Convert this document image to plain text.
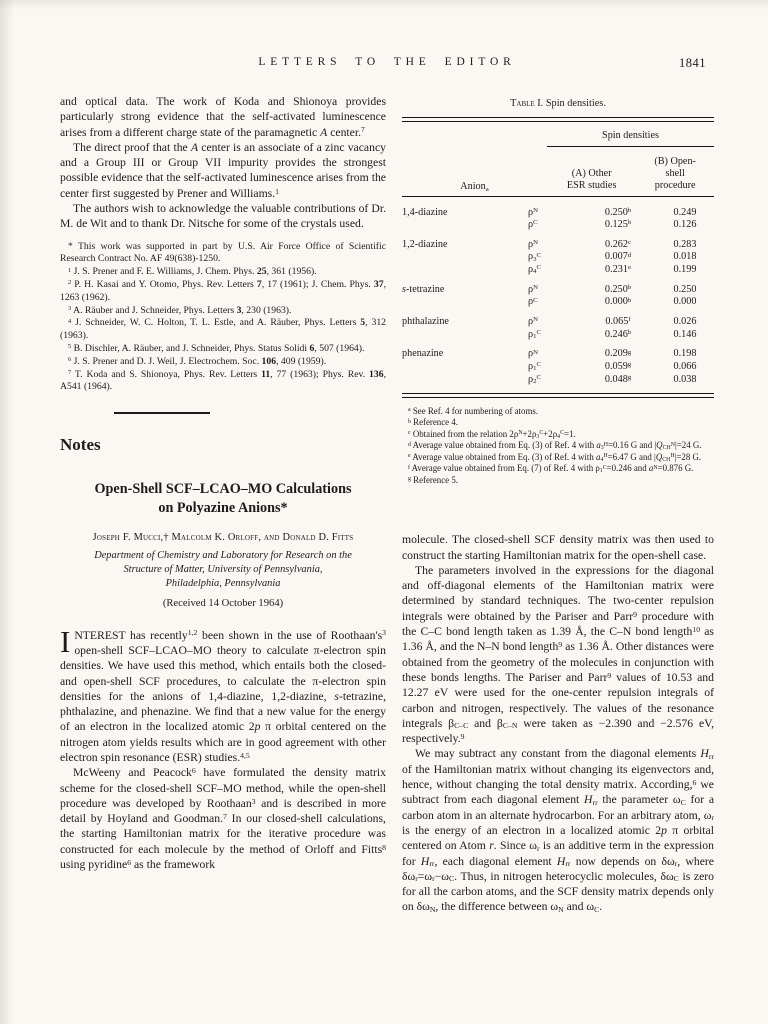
LETTERS TO THE EDITOR	1841

and optical data. The work of Koda and Shionoya provides particularly strong evidence that the self-activated luminescence arises from a different charge state of the paramagnetic A center.$^7$

The direct proof that the A center is an associate of a zinc vacancy and a Group III or Group VII impurity provides the strongest possible evidence that the self-activated luminescence arises from the center first suggested by Prener and Williams.$^1$

The authors wish to acknowledge the valuable contributions of Dr. M. de Wit and to thank Dr. Nitsche for some of the crystals used.

* This work was supported in part by U.S. Air Force Office of Scientific Research Contract No. AF 49(638)-1250.

$^1$ J. S. Prener and F. E. Williams, J. Chem. Phys. 25, 361 (1956).

$^2$ P. H. Kasai and Y. Otomo, Phys. Rev. Letters 7, 17 (1961); J. Chem. Phys. 37, 1263 (1962).

$^3$ A. Räuber and J. Schneider, Phys. Letters 3, 230 (1963).

$^4$ J. Schneider, W. C. Holton, T. L. Estle, and A. Räuber, Phys. Letters 5, 312 (1963).

$^5$ B. Dischler, A. Räuber, and J. Schneider, Phys. Status Solidi 6, 507 (1964).

$^6$ J. S. Prener and D. J. Weil, J. Electrochem. Soc. 106, 409 (1959).

$^7$ T. Koda and S. Shionoya, Phys. Rev. Letters 11, 77 (1963); Phys. Rev. 136, A541 (1964).

Notes
Open-Shell SCF–LCAO–MO Calculations
on Polyazine Anions*
Joseph F. Mucci,† Malcolm K. Orloff, and Donald D. Fitts
Department of Chemistry and Laboratory for Research on the
Structure of Matter, University of Pennsylvania,
Philadelphia, Pennsylvania
(Received 14 October 1964)

INTEREST has recently$^{1,2}$ been shown in the use of $Roothaan's^3$ open-shell SCF–LCAO–MO theory to calculate π-electron spin densities. We have used this method, which entails both the closed- and open-shell SCF procedures, to calculate the π-electron spin densities for the anions of 1,4-diazine, 1,2-diazine, s-tetrazine, phthalazine, and phenazine. We find that a new value for the energy of an electron in the localized atomic 2p π orbital centered on the nitrogen atom yields results which are in good agreement with other electron spin resonance (ESR) studies.$^{4,5}$

McWeeny and Peacock$^6$ have formulated the density matrix scheme for the closed-shell SCF–MO method, while the open-shell procedure was developed by Roothaan$^3$ and is described in more detail by Hoyland and Goodman.$^7$ In our closed-shell calculations, the starting Hamiltonian matrix for the iterative procedure was constructed for each molecule by the method of Orloff and Fitts$^8$ using pyridine$^6$ as the framework

Table I. Spin densities.
Anion$^a$
Spin densities
(A) Other
ESR studies
(B) Open-
shell
procedure
1,4-diazine	$\rho^N$	0.250$^b$	0.249
	$\rho^C$	0.125$^b$	0.126
1,2-diazine	$\rho^N$	0.262$^c$	0.283
	$\rho_3^C$	0.007$^d$	0.018
	$\rho_4^C$	0.231e	0.199
s-tetrazine	$\rho^N$	0.250$^b$	0.250
	$\rho^C$	0.000$^b$	0.000
phthalazine	$\rho^N$	0.065$^f$	0.026
	$\rho_1^C$	0.246$^b$	0.146
phenazine	$\rho^N$	0.209$^g$	0.198
	$\rho_1^C$	0.059$^g$	0.066
	$\rho_2^C$	0.048$^g$	0.038

$^a$ See Ref. 4 for numbering of atoms.

$^b$ Reference 4.

$^c$ Obtained from the relation $2\rho^N+2\rho_3^C+2\rho_4^C=1$.

$^d$ Average value obtained from Eq. (3) of Ref. 4 with $a_3^H=0.16$ G and $|Q_{CH}^N|=24$ G.

$^e$ Average value obtained from Eq. (3) of Ref. 4 with $a_4^H=6.47$ G and $|Q_{CH}^H|=28$ G.

$^f$ Average value obtained from Eq. (7) of Ref. 4 with $\rho_1^C=0.246$ and $a^N=0.876$ G.

$^g$ Reference 5.

molecule. The closed-shell SCF density matrix was then used to construct the starting Hamiltonian matrix for the open-shell case.

The parameters involved in the expressions for the diagonal and off-diagonal elements of the Hamiltonian matrix were determined by standard techniques. The two-center repulsion integrals were obtained by the Pariser and Parr$^9$ procedure with the C–C bond length taken as 1.39 Å, the C–N bond length$^{10}$ as 1.36 Å, and the N–N bond length$^9$ as 1.36 Å. Other distances were obtained from the geometry of the molecules in conjunction with these bonds lengths. The Pariser and Parr$^9$ values of 10.53 and 12.27 eV were used for the one-center repulsion integrals of carbon and nitrogen, respectively. The values of the resonance integrals $\beta_{C-C}$ and $\beta_{C-N}$ were taken as −2.390 and −2.576 eV, respectively.$^9$

We may subtract any constant from the diagonal elements $H_{rr}$ of the Hamiltonian matrix without changing its eigenvectors and, hence, without changing the total density matrix. According,$^6$ we subtract from each diagonal element $H_{rr}$ the parameter $\omega_C$ for a carbon atom in an alternate hydrocarbon. For an arbitrary atom, $\omega_r$ is the energy of an electron in a localized atomic 2p π orbital centered on Atom r. Since $\omega_r$ is an additive term in the expression for $H_{rr}$, each diagonal element $H_{rr}$ now depends on $\delta\omega_r$, where $\delta\omega_r=\omega_r-\omega_C$. Thus, in nitrogen heterocyclic molecules, $\delta\omega_C$ is zero for all the carbon atoms, and the SCF density matrix depends only on $\delta\omega_N$, the difference between $\omega_N$ and $\omega_C$.
